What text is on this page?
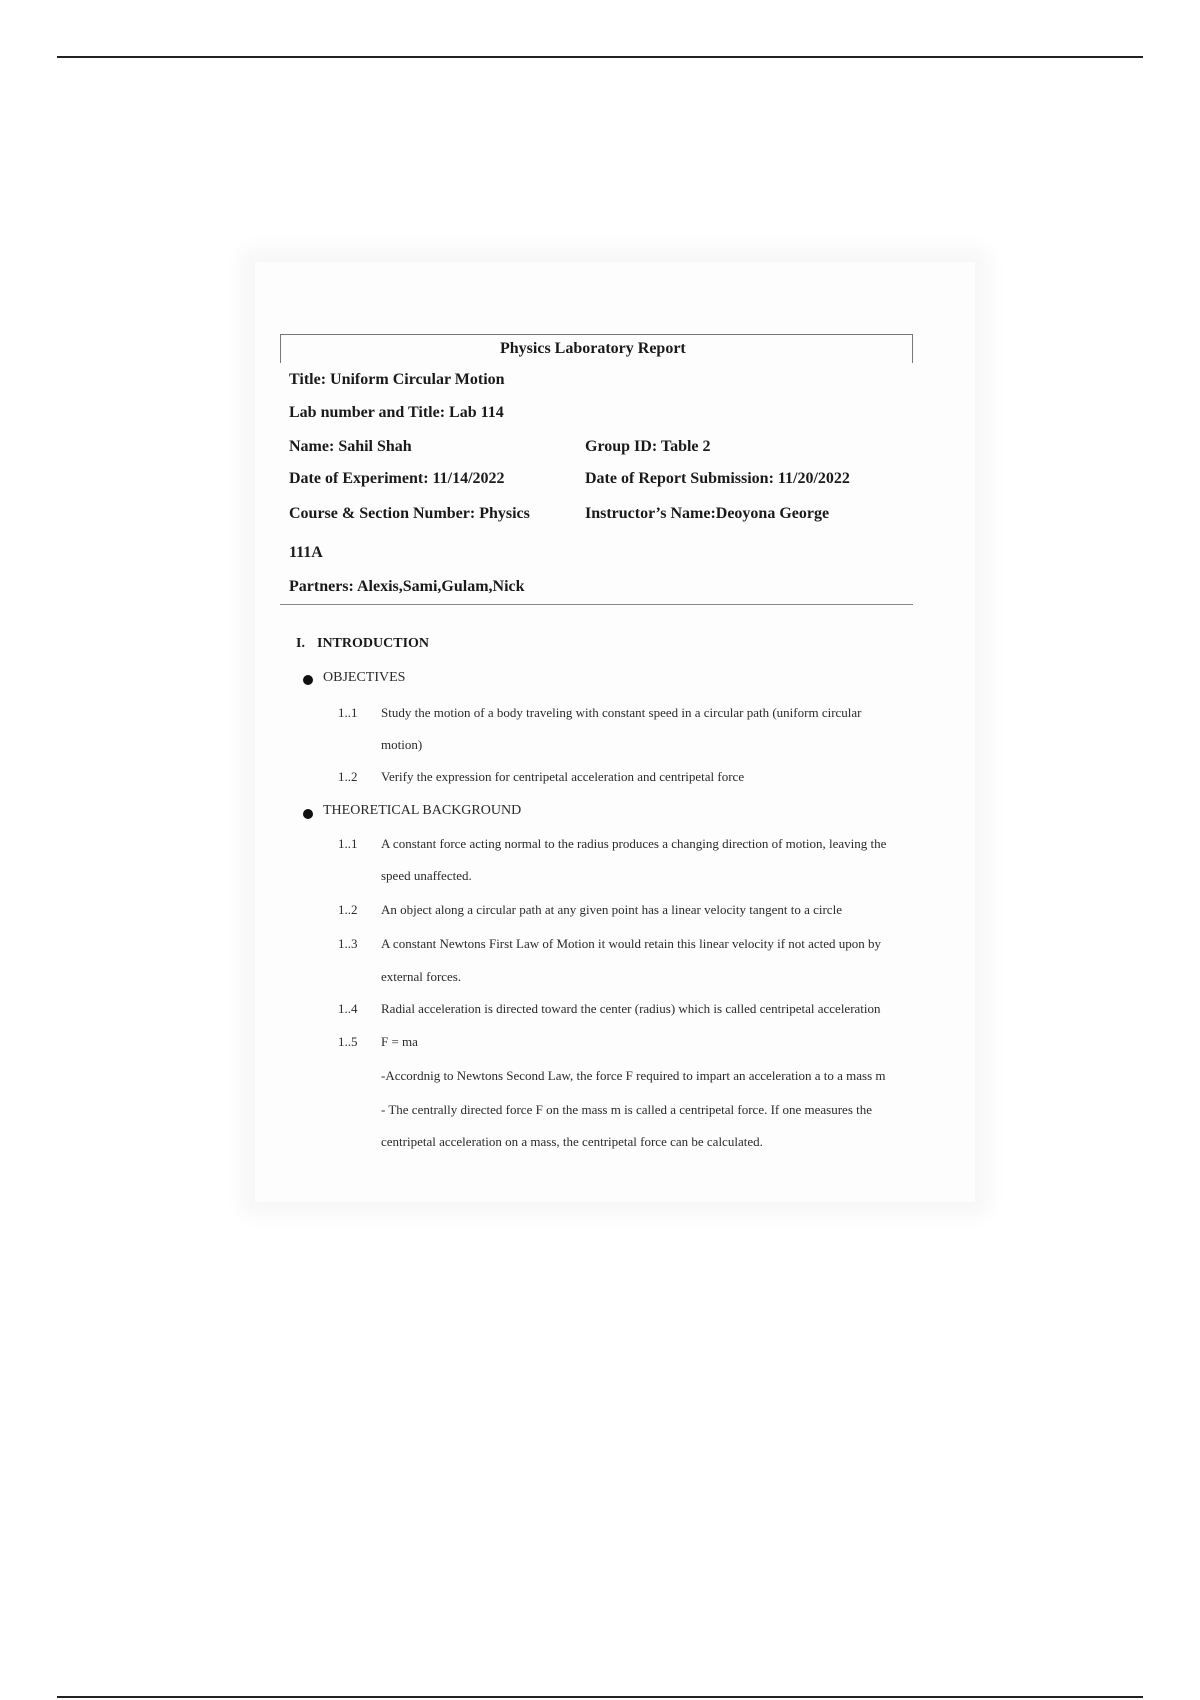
Physics Laboratory Report
Title: Uniform Circular Motion
Lab number and Title: Lab 114
Name: Sahil Shah	Group ID: Table 2
Date of Experiment: 11/14/2022	Date of Report Submission: 11/20/2022
Course & Section Number: Physics	Instructor’s Name:Deoyona George
111A
Partners: Alexis,Sami,Gulam,Nick
I. INTRODUCTION
OBJECTIVES
1..1 Study the motion of a body traveling with constant speed in a circular path (uniform circular
motion)
1..2 Verify the expression for centripetal acceleration and centripetal force
THEORETICAL BACKGROUND
1..1 A constant force acting normal to the radius produces a changing direction of motion, leaving the
speed unaffected.
1..2 An object along a circular path at any given point has a linear velocity tangent to a circle
1..3 A constant Newtons First Law of Motion it would retain this linear velocity if not acted upon by
external forces.
1..4 Radial acceleration is directed toward the center (radius) which is called centripetal acceleration
1..5 F = ma
-Accordnig to Newtons Second Law, the force F required to impart an acceleration a to a mass m
- The centrally directed force F on the mass m is called a centripetal force. If one measures the
centripetal acceleration on a mass, the centripetal force can be calculated.
